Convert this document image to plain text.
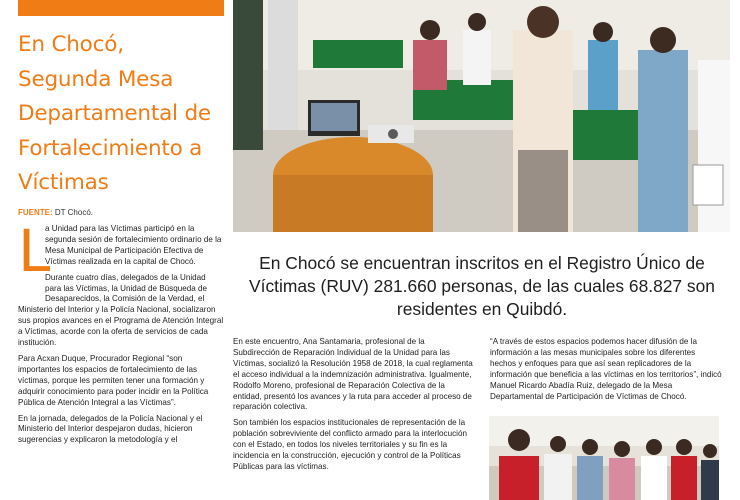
En Chocó,
Segunda Mesa
Departamental de
Fortalecimiento a
Víctimas
FUENTE: DT Chocó.

L
a Unidad para las Víctimas participó en la segunda sesión de fortalecimiento ordinario de la Mesa Municipal de Participación Efectiva de Víctimas realizada en la capital de Chocó.

Durante cuatro días, delegados de la Unidad para las Víctimas, la Unidad de Búsqueda de Desaparecidos, la Comisión de la Verdad, el Ministerio del Interior y la Policía Nacional, socializaron sus propios avances en el Programa de Atención Integral a Víctimas, acorde con la oferta de servicios de cada institución.

Para Acxan Duque, Procurador Regional “son importantes los espacios de fortalecimiento de las víctimas, porque les permiten tener una formación y adquirir conocimiento para poder incidir en la Política Pública de Atención Integral a las Víctimas”.

En la jornada, delegados de la Policía Nacional y el Ministerio del Interior despejaron dudas, hicieron sugerencias y explicaron la metodología y el

En Chocó se encuentran inscritos en el Registro Único de
Víctimas (RUV) 281.660 personas, de las cuales 68.827 son
residentes en Quibdó.

En este encuentro, Ana Santamaria, profesional de la Subdirección de Reparación Individual de la Unidad para las Víctimas, socializó la Resolución 1958 de 2018, la cual reglamenta el acceso individual a la indemnización administrativa. Igualmente, Rodolfo Moreno, profesional de Reparación Colectiva de la entidad, presentó los avances y la ruta para acceder al proceso de reparación colectiva.

Son también los espacios institucionales de representación de la población sobreviviente del conflicto armado para la interlocución con el Estado, en todos los niveles territoriales y su fin es la incidencia en la construcción, ejecución y control de la Políticas Públicas para las víctimas.

“A través de estos espacios podemos hacer difusión de la información a las mesas municipales sobre los diferentes hechos y enfoques para que así sean replicadores de la información que beneficia a las víctimas en los territorios”, indicó Manuel Ricardo Abadía Ruiz, delegado de la Mesa Departamental de Participación de Víctimas de Chocó.
